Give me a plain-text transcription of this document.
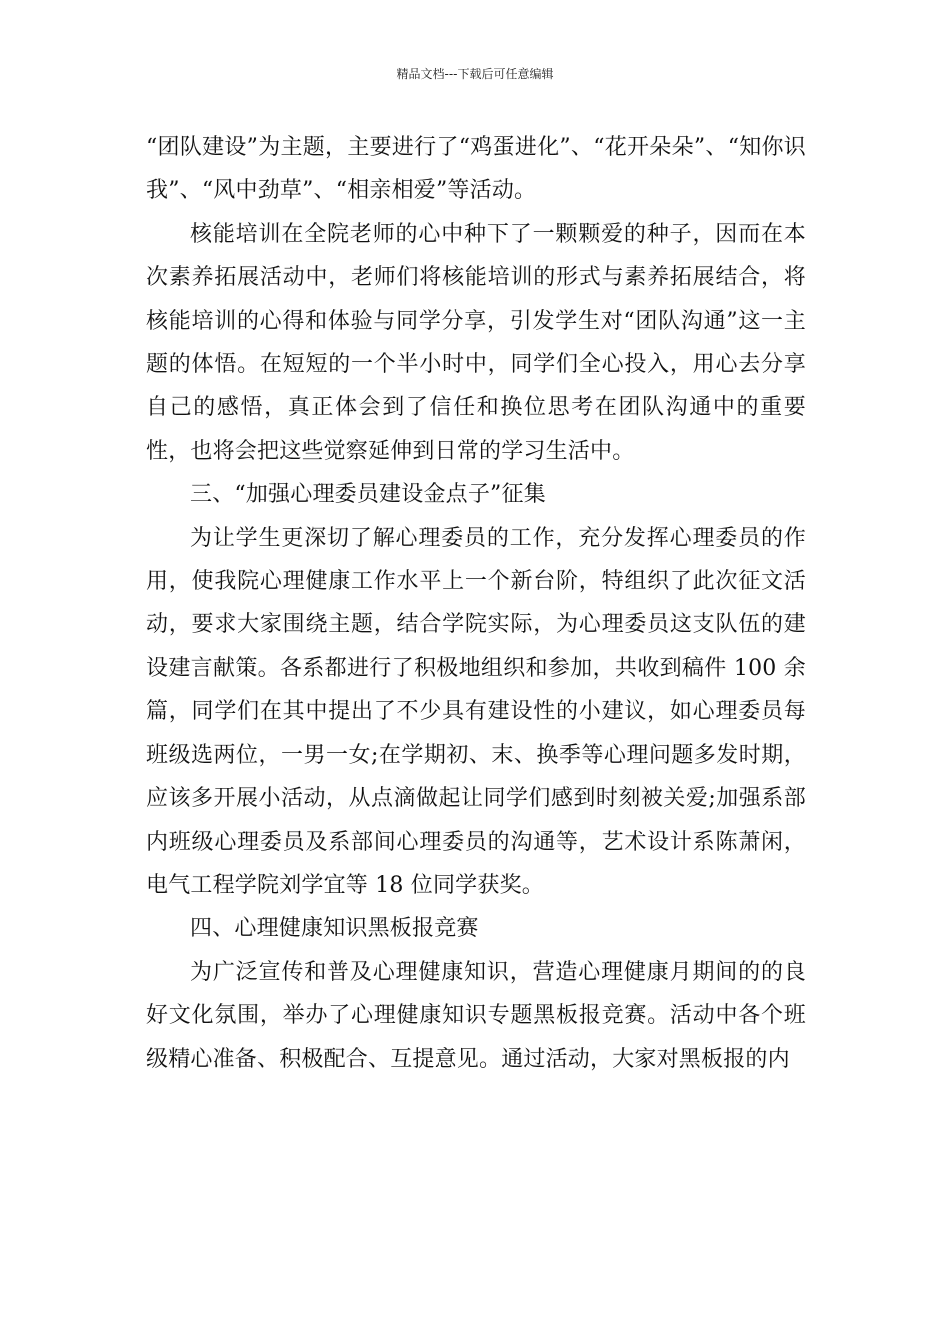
精品文档---下载后可任意编辑

“团队建设”为主题，主要进行了“鸡蛋进化”、“花开朵朵”、“知你识我”、“风中劲草”、“相亲相爱”等活动。

核能培训在全院老师的心中种下了一颗颗爱的种子，因而在本次素养拓展活动中，老师们将核能培训的形式与素养拓展结合，将核能培训的心得和体验与同学分享，引发学生对“团队沟通”这一主题的体悟。在短短的一个半小时中，同学们全心投入，用心去分享自己的感悟，真正体会到了信任和换位思考在团队沟通中的重要性，也将会把这些觉察延伸到日常的学习生活中。

三、“加强心理委员建设金点子”征集

为让学生更深切了解心理委员的工作，充分发挥心理委员的作用，使我院心理健康工作水平上一个新台阶，特组织了此次征文活动，要求大家围绕主题，结合学院实际，为心理委员这支队伍的建设建言献策。各系都进行了积极地组织和参加，共收到稿件 100 余篇，同学们在其中提出了不少具有建设性的小建议，如心理委员每班级选两位，一男一女;在学期初、末、换季等心理问题多发时期，应该多开展小活动，从点滴做起让同学们感到时刻被关爱;加强系部内班级心理委员及系部间心理委员的沟通等，艺术设计系陈萧闲，电气工程学院刘学宜等 18 位同学获奖。

四、心理健康知识黑板报竞赛

为广泛宣传和普及心理健康知识，营造心理健康月期间的的良好文化氛围，举办了心理健康知识专题黑板报竞赛。活动中各个班级精心准备、积极配合、互提意见。通过活动，大家对黑板报的内
